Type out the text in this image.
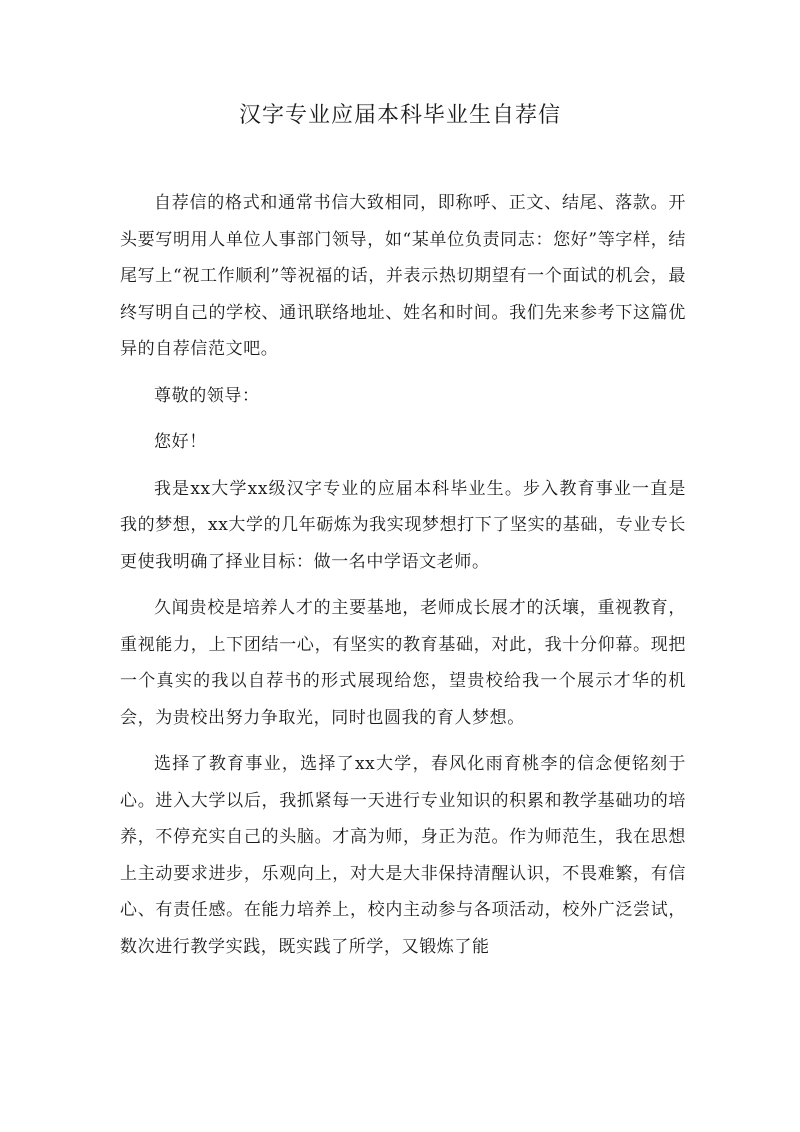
汉字专业应届本科毕业生自荐信

自荐信的格式和通常书信大致相同，即称呼、正文、结尾、落款。开头要写明用人单位人事部门领导，如“某单位负责同志：您好”等字样，结尾写上“祝工作顺利”等祝福的话，并表示热切期望有一个面试的机会，最终写明自己的学校、通讯联络地址、姓名和时间。我们先来参考下这篇优异的自荐信范文吧。

尊敬的领导：

您好！

我是xx大学xx级汉字专业的应届本科毕业生。步入教育事业一直是我的梦想，xx大学的几年砺炼为我实现梦想打下了坚实的基础，专业专长更使我明确了择业目标：做一名中学语文老师。

久闻贵校是培养人才的主要基地，老师成长展才的沃壤，重视教育，重视能力，上下团结一心，有坚实的教育基础，对此，我十分仰幕。现把一个真实的我以自荐书的形式展现给您，望贵校给我一个展示才华的机会，为贵校出努力争取光，同时也圆我的育人梦想。

选择了教育事业，选择了xx大学，春风化雨育桃李的信念便铭刻于心。进入大学以后，我抓紧每一天进行专业知识的积累和教学基础功的培养，不停充实自己的头脑。才高为师，身正为范。作为师范生，我在思想上主动要求进步，乐观向上，对大是大非保持清醒认识，不畏难繁，有信心、有责任感。在能力培养上，校内主动参与各项活动，校外广泛尝试，数次进行教学实践，既实践了所学，又锻炼了能
